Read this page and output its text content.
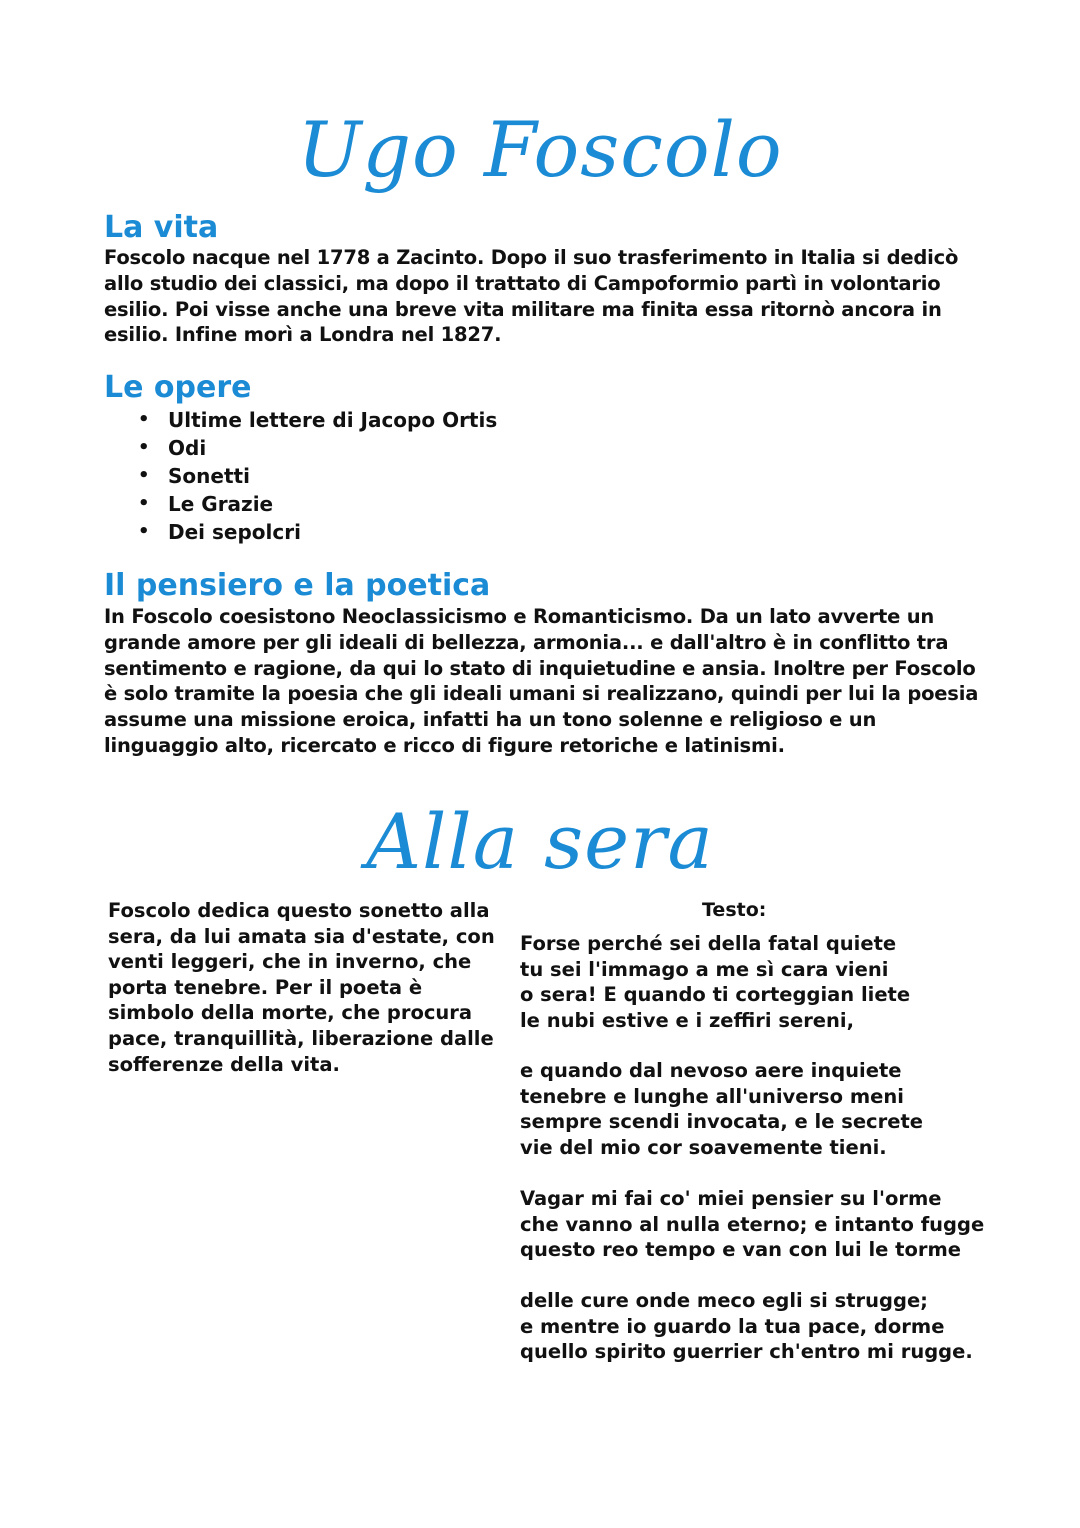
Ugo Foscolo
La vita

Foscolo nacque nel 1778 a Zacinto. Dopo il suo trasferimento in Italia si dedicò allo studio dei classici, ma dopo il trattato di Campoformio partì in volontario esilio. Poi visse anche una breve vita militare ma finita essa ritornò ancora in esilio. Infine morì a Londra nel 1827.

Le opere
• Ultime lettere di Jacopo Ortis
• Odi
• Sonetti
• Le Grazie
• Dei sepolcri
Il pensiero e la poetica

In Foscolo coesistono Neoclassicismo e Romanticismo. Da un lato avverte un grande amore per gli ideali di bellezza, armonia... e dall'altro è in conflitto tra sentimento e ragione, da qui lo stato di inquietudine e ansia. Inoltre per Foscolo è solo tramite la poesia che gli ideali umani si realizzano, quindi per lui la poesia assume una missione eroica, infatti ha un tono solenne e religioso e un linguaggio alto, ricercato e ricco di figure retoriche e latinismi.

Alla sera

Foscolo dedica questo sonetto alla sera, da lui amata sia d'estate, con venti leggeri, che in inverno, che porta tenebre. Per il poeta è simbolo della morte, che procura pace, tranquillità, liberazione dalle sofferenze della vita.

Testo:
Forse perché sei della fatal quiete
tu sei l'immago a me sì cara vieni
o sera! E quando ti corteggian liete
le nubi estive e i zeffiri sereni,
e quando dal nevoso aere inquiete
tenebre e lunghe all'universo meni
sempre scendi invocata, e le secrete
vie del mio cor soavemente tieni.
Vagar mi fai co' miei pensier su l'orme
che vanno al nulla eterno; e intanto fugge
questo reo tempo e van con lui le torme
delle cure onde meco egli si strugge;
e mentre io guardo la tua pace, dorme
quello spirito guerrier ch'entro mi rugge.
